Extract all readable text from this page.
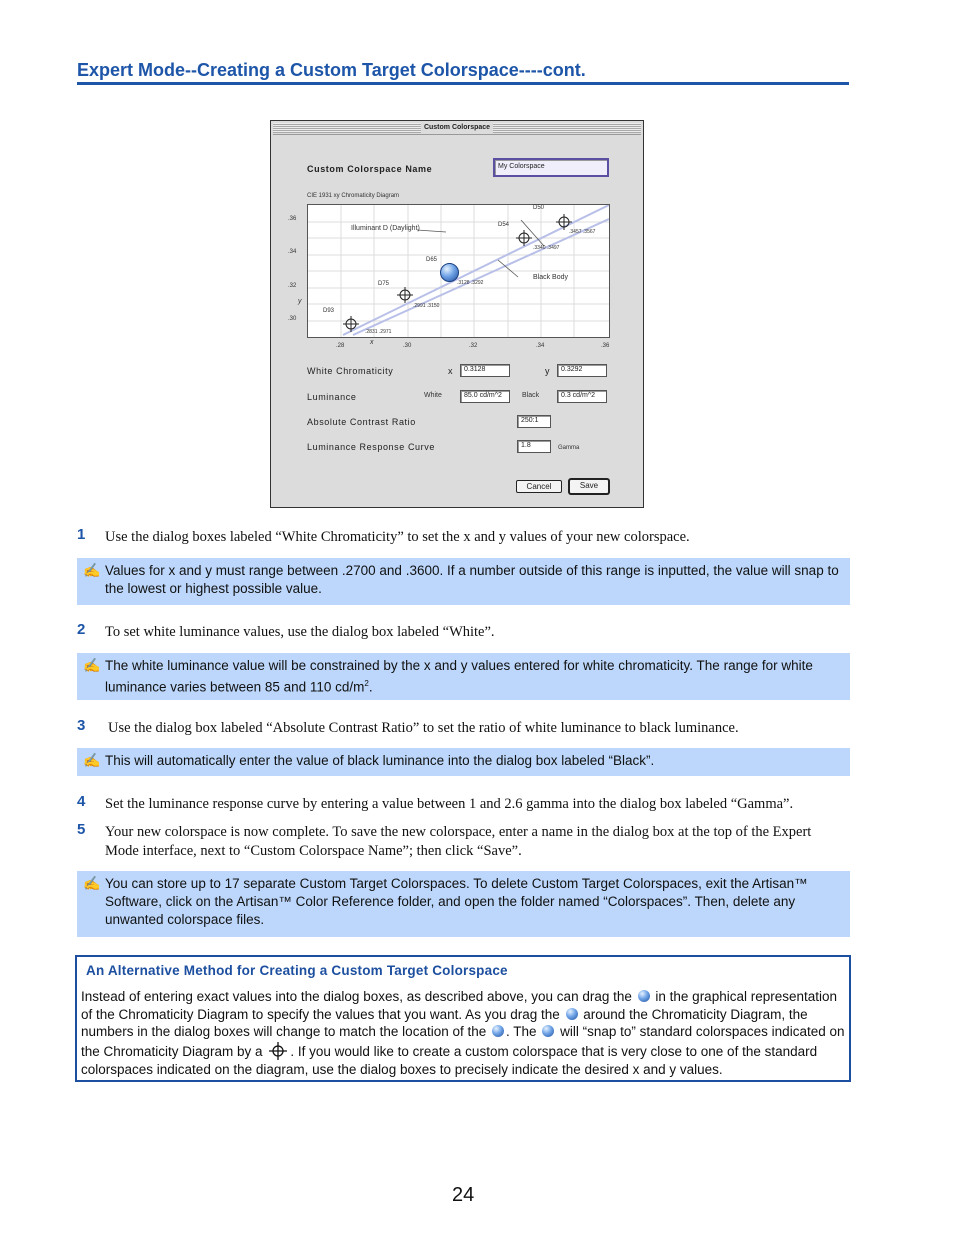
Expert Mode--Creating a Custom Target Colorspace----cont.
Custom Colorspace
Custom Colorspace Name	My Colorspace
CIE 1931 xy Chromaticity Diagram
.36
.34
.32
.30
y
Illuminant D (Daylight)
D50
.3457 .3567
D54
.3340 .3497
D65
.3128 .3292
Black Body
D75
.2991 .3150
D93
.2831 .2971
.28	.30	.32	.34	.36
x
White Chromaticity	x	0.3128	y	0.3292
Luminance	White	85.0 cd/m^2	Black	0.3 cd/m^2
Absolute Contrast Ratio	250:1
Luminance Response Curve	1.8	Gamma
Cancel	Save
1 Use the dialog boxes labeled “White Chromaticity” to set the x and y values of your new colorspace.
✍ Values for x and y must range between .2700 and .3600. If a number outside of this range is inputted, the value will snap to the lowest or highest possible value.
2 To set white luminance values, use the dialog box labeled “White”.
✍ The white luminance value will be constrained by the x and y values entered for white chromaticity. The range for white luminance varies between 85 and 110 $cd/m^2$.
3 Use the dialog box labeled “Absolute Contrast Ratio” to set the ratio of white luminance to black luminance.
✍ This will automatically enter the value of black luminance into the dialog box labeled “Black”.
4 Set the luminance response curve by entering a value between 1 and 2.6 gamma into the dialog box labeled “Gamma”.
5 Your new colorspace is now complete. To save the new colorspace, enter a name in the dialog box at the top of the Expert Mode interface, next to “Custom Colorspace Name”; then click “Save”.
✍ You can store up to 17 separate Custom Target Colorspaces. To delete Custom Target Colorspaces, exit the Artisan™ Software, click on the Artisan™ Color Reference folder, and open the folder named “Colorspaces”. Then, delete any unwanted colorspace files.
An Alternative Method for Creating a Custom Target Colorspace
Instead of entering exact values into the dialog boxes, as described above, you can drag the in the graphical representation of the Chromaticity Diagram to specify the values that you want. As you drag the around the Chromaticity Diagram, the numbers in the dialog boxes will change to match the location of the . The will “snap to” standard colorspaces indicated on the Chromaticity Diagram by a . If you would like to create a custom colorspace that is very close to one of the standard colorspaces indicated on the diagram, use the dialog boxes to precisely indicate the desired x and y values.
24
